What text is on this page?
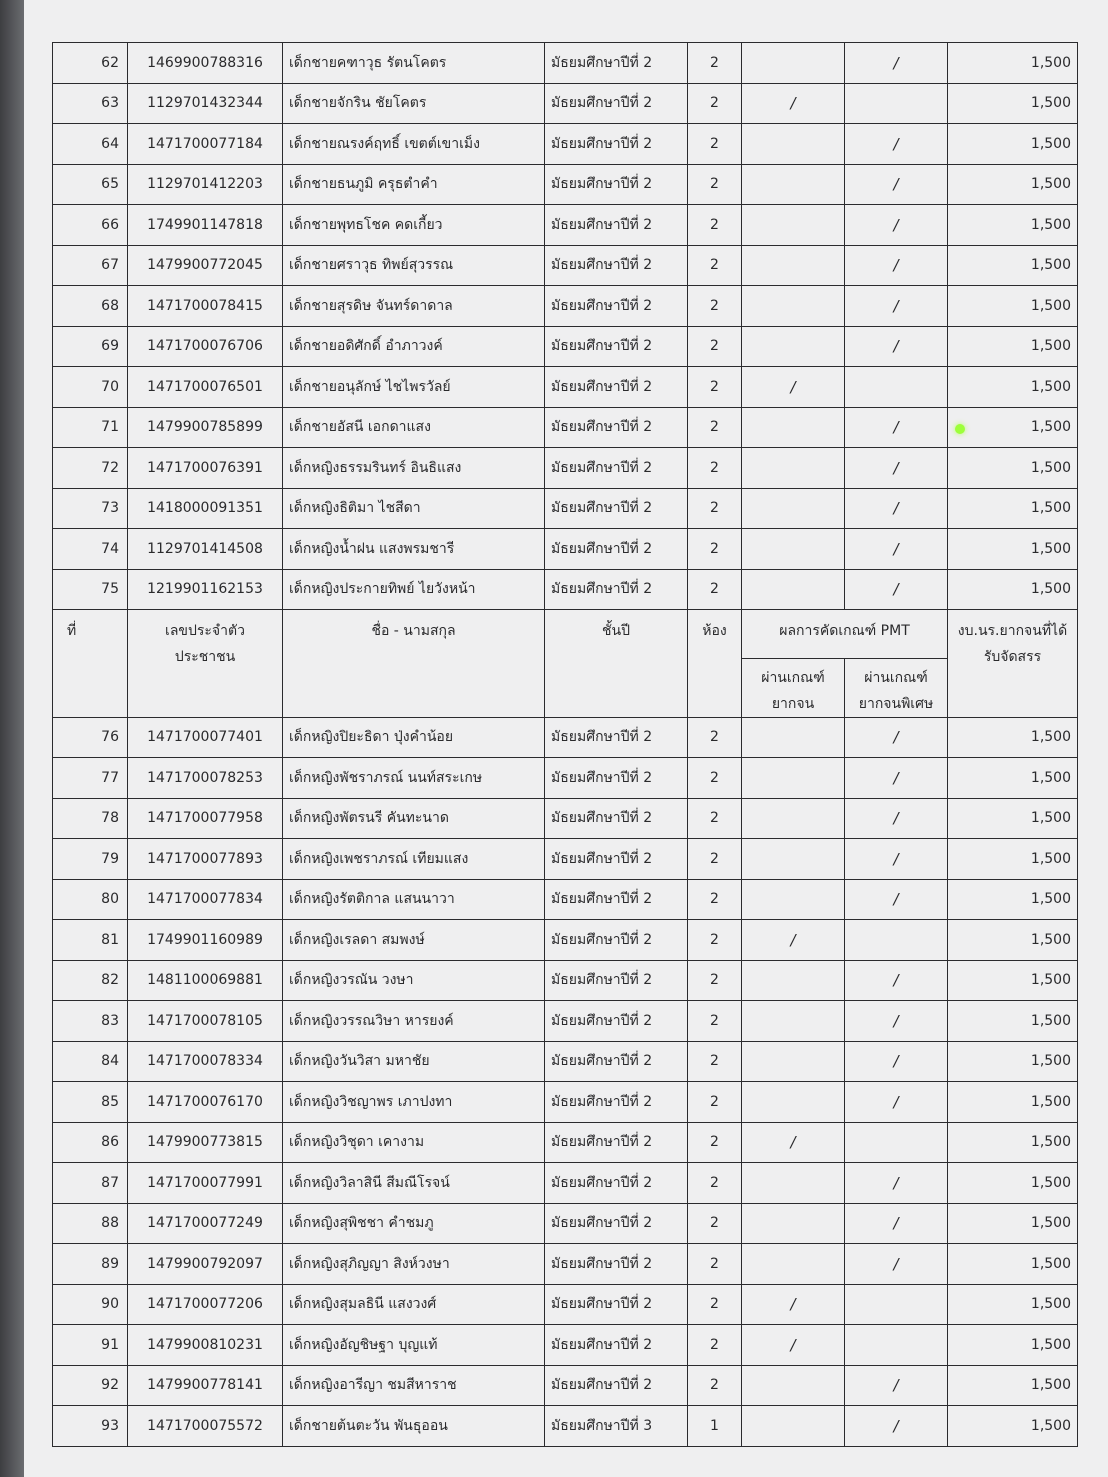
62	1469900788316	เด็กชายคฑาวุธ รัตนโคตร	มัธยมศึกษาปีที่ 2	2		/	1,500
63	1129701432344	เด็กชายจักริน ชัยโคตร	มัธยมศึกษาปีที่ 2	2	/		1,500
64	1471700077184	เด็กชายณรงค์ฤทธิ์ เขตต์เขาเม็ง	มัธยมศึกษาปีที่ 2	2		/	1,500
65	1129701412203	เด็กชายธนภูมิ ครุธตำคำ	มัธยมศึกษาปีที่ 2	2		/	1,500
66	1749901147818	เด็กชายพุทธโชค คดเกี้ยว	มัธยมศึกษาปีที่ 2	2		/	1,500
67	1479900772045	เด็กชายศราวุธ ทิพย์สุวรรณ	มัธยมศึกษาปีที่ 2	2		/	1,500
68	1471700078415	เด็กชายสุรดิษ จันทร์ดาดาล	มัธยมศึกษาปีที่ 2	2		/	1,500
69	1471700076706	เด็กชายอดิศักดิ์ อำภาวงค์	มัธยมศึกษาปีที่ 2	2		/	1,500
70	1471700076501	เด็กชายอนุลักษ์ ไชไพรวัลย์	มัธยมศึกษาปีที่ 2	2	/		1,500
71	1479900785899	เด็กชายอัสนี เอกดาแสง	มัธยมศึกษาปีที่ 2	2		/	1,500
72	1471700076391	เด็กหญิงธรรมรินทร์ อินธิแสง	มัธยมศึกษาปีที่ 2	2		/	1,500
73	1418000091351	เด็กหญิงธิติมา ไชสีดา	มัธยมศึกษาปีที่ 2	2		/	1,500
74	1129701414508	เด็กหญิงน้ำฝน แสงพรมชารี	มัธยมศึกษาปีที่ 2	2		/	1,500
75	1219901162153	เด็กหญิงประกายทิพย์ ไยวังหน้า	มัธยมศึกษาปีที่ 2	2		/	1,500
ที่	เลขประจำตัว ประชาชน	ชื่อ - นามสกุล	ชั้นปี	ห้อง	ผลการคัดเกณฑ์ PMT		งบ.นร.ยากจนที่ได้ รับจัดสรร
					ผ่านเกณฑ์ ยากจน	ผ่านเกณฑ์ ยากจนพิเศษ	
76	1471700077401	เด็กหญิงปิยะธิดา ปุ่งคำน้อย	มัธยมศึกษาปีที่ 2	2		/	1,500
77	1471700078253	เด็กหญิงพัชราภรณ์ นนท์สระเกษ	มัธยมศึกษาปีที่ 2	2		/	1,500
78	1471700077958	เด็กหญิงพัตรนรี คันทะนาด	มัธยมศึกษาปีที่ 2	2		/	1,500
79	1471700077893	เด็กหญิงเพชราภรณ์ เทียมแสง	มัธยมศึกษาปีที่ 2	2		/	1,500
80	1471700077834	เด็กหญิงรัตติกาล แสนนาวา	มัธยมศึกษาปีที่ 2	2		/	1,500
81	1749901160989	เด็กหญิงเรลดา สมพงษ์	มัธยมศึกษาปีที่ 2	2	/		1,500
82	1481100069881	เด็กหญิงวรณัน วงษา	มัธยมศึกษาปีที่ 2	2		/	1,500
83	1471700078105	เด็กหญิงวรรณวิษา หารยงค์	มัธยมศึกษาปีที่ 2	2		/	1,500
84	1471700078334	เด็กหญิงวันวิสา มหาชัย	มัธยมศึกษาปีที่ 2	2		/	1,500
85	1471700076170	เด็กหญิงวิชญาพร เภาปงทา	มัธยมศึกษาปีที่ 2	2		/	1,500
86	1479900773815	เด็กหญิงวิชุดา เคางาม	มัธยมศึกษาปีที่ 2	2	/		1,500
87	1471700077991	เด็กหญิงวิลาสินี สีมณีโรจน์	มัธยมศึกษาปีที่ 2	2		/	1,500
88	1471700077249	เด็กหญิงสุพิชชา คำชมภู	มัธยมศึกษาปีที่ 2	2		/	1,500
89	1479900792097	เด็กหญิงสุภิญญา สิงห์วงษา	มัธยมศึกษาปีที่ 2	2		/	1,500
90	1471700077206	เด็กหญิงสุมลธินี แสงวงศ์	มัธยมศึกษาปีที่ 2	2	/		1,500
91	1479900810231	เด็กหญิงอัญชิษฐา บุญแท้	มัธยมศึกษาปีที่ 2	2	/		1,500
92	1479900778141	เด็กหญิงอารีญา ชมสีหาราช	มัธยมศึกษาปีที่ 2	2		/	1,500
93	1471700075572	เด็กชายต้นตะวัน พันธุออน	มัธยมศึกษาปีที่ 3	1		/	1,500
